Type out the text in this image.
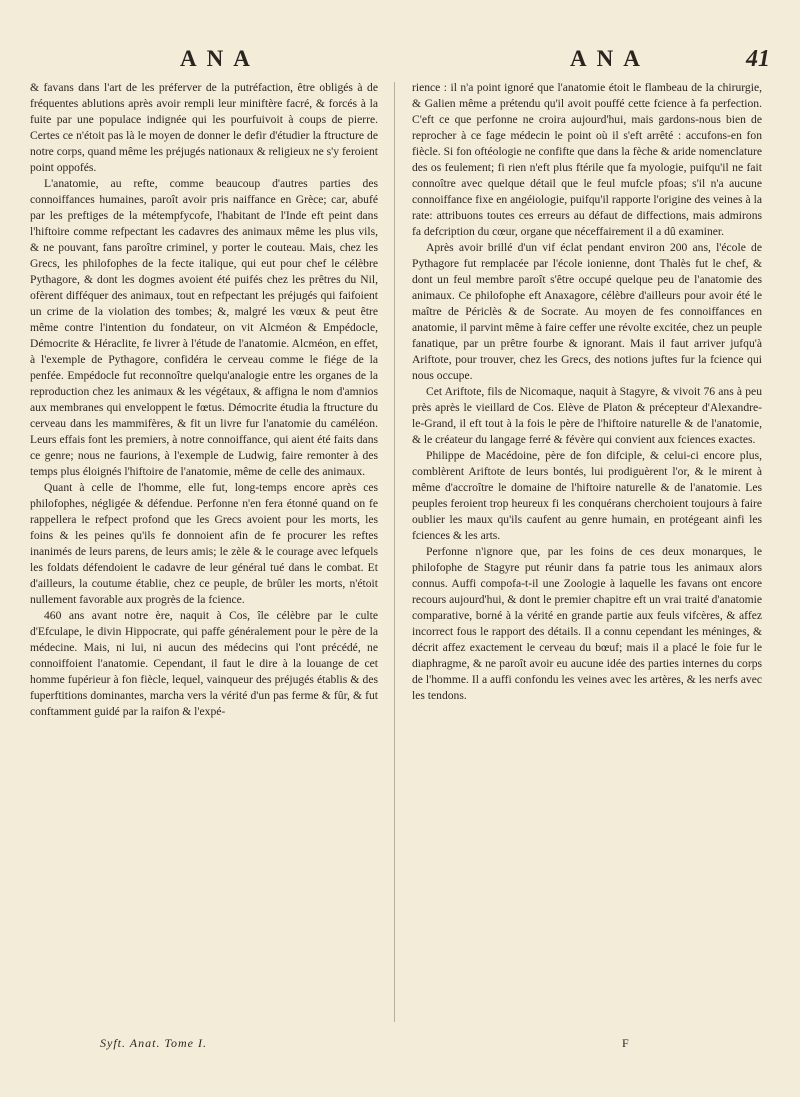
ANA	ANA	41

& favans dans l'art de les préferver de la putréfaction, être obligés à de fréquentes ablutions après avoir rempli leur miniftère facré, & forcés à la fuite par une populace indignée qui les pourfuivoit à coups de pierre. Certes ce n'étoit pas là le moyen de donner le defir d'étudier la ftructure de notre corps, quand même les préjugés nationaux & religieux ne s'y feroient point oppofés.

L'anatomie, au refte, comme beaucoup d'autres parties des connoiffances humaines, paroît avoir pris naiffance en Grèce; car, abufé par les preftiges de la métempfycofe, l'habitant de l'Inde eft peint dans l'hiftoire comme refpectant les cadavres des animaux même les plus vils, & ne pouvant, fans paroître criminel, y porter le couteau. Mais, chez les Grecs, les philofophes de la fecte italique, qui eut pour chef le célèbre Pythagore, & dont les dogmes avoient été puifés chez les prêtres du Nil, ofèrent difféquer des animaux, tout en refpectant les préjugés qui faifoient un crime de la violation des tombes; &, malgré les vœux & peut être même contre l'intention du fondateur, on vit Alcméon & Empédocle, Démocrite & Héraclite, fe livrer à l'étude de l'anatomie. Alcméon, en effet, à l'exemple de Pythagore, confidéra le cerveau comme le fiége de la penfée. Empédocle fut reconnoître quelqu'analogie entre les organes de la reproduction chez les animaux & les végétaux, & affigna le nom d'amnios aux membranes qui enveloppent le fœtus. Démocrite étudia la ftructure du cerveau dans les mammifères, & fit un livre fur l'anatomie du caméléon. Leurs effais font les premiers, à notre connoiffance, qui aient été faits dans ce genre; nous ne faurions, à l'exemple de Ludwig, faire remonter à des temps plus éloignés l'hiftoire de l'anatomie, même de celle des animaux.

Quant à celle de l'homme, elle fut, long-temps encore après ces philofophes, négligée & défendue. Perfonne n'en fera étonné quand on fe rappellera le refpect profond que les Grecs avoient pour les morts, les foins & les peines qu'ils fe donnoient afin de fe procurer les reftes inanimés de leurs parens, de leurs amis; le zèle & le courage avec lefquels les foldats défendoient le cadavre de leur général tué dans le combat. Et d'ailleurs, la coutume établie, chez ce peuple, de brûler les morts, n'étoit nullement favorable aux progrès de la fcience.

460 ans avant notre ère, naquit à Cos, île célèbre par le culte d'Efculape, le divin Hippocrate, qui paffe généralement pour le père de la médecine. Mais, ni lui, ni aucun des médecins qui l'ont précédé, ne connoiffoient l'anatomie. Cependant, il faut le dire à la louange de cet homme fupérieur à fon fiècle, lequel, vainqueur des préjugés établis & des fuperftitions dominantes, marcha vers la vérité d'un pas ferme & fûr, & fut conftamment guidé par la raifon & l'expé-

rience : il n'a point ignoré que l'anatomie étoit le flambeau de la chirurgie, & Galien même a prétendu qu'il avoit pouffé cette fcience à fa perfection. C'eft ce que perfonne ne croira aujourd'hui, mais gardons-nous bien de reprocher à ce fage médecin le point où il s'eft arrêté : accufons-en fon fiècle. Si fon oftéologie ne confifte que dans la fèche & aride nomenclature des os feulement; fi rien n'eft plus ftérile que fa myologie, puifqu'il ne fait connoître avec quelque détail que le feul mufcle pfoas; s'il n'a aucune connoiffance fixe en angéiologie, puifqu'il rapporte l'origine des veines à la rate: attribuons toutes ces erreurs au défaut de diffections, mais admirons fa defcription du cœur, organe que néceffairement il a dû examiner.

Après avoir brillé d'un vif éclat pendant environ 200 ans, l'école de Pythagore fut remplacée par l'école ionienne, dont Thalès fut le chef, & dont un feul membre paroît s'être occupé quelque peu de l'anatomie des animaux. Ce philofophe eft Anaxagore, célèbre d'ailleurs pour avoir été le maître de Périclès & de Socrate. Au moyen de fes connoiffances en anatomie, il parvint même à faire ceffer une révolte excitée, chez un peuple fanatique, par un prêtre fourbe & ignorant. Mais il faut arriver jufqu'à Ariftote, pour trouver, chez les Grecs, des notions juftes fur la fcience qui nous occupe.

Cet Ariftote, fils de Nicomaque, naquit à Stagyre, & vivoit 76 ans à peu près après le vieillard de Cos. Elève de Platon & précepteur d'Alexandre-le-Grand, il eft tout à la fois le père de l'hiftoire naturelle & de l'anatomie, & le créateur du langage ferré & févère qui convient aux fciences exactes.

Philippe de Macédoine, père de fon difciple, & celui-ci encore plus, comblèrent Ariftote de leurs bontés, lui prodiguèrent l'or, & le mirent à même d'accroître le domaine de l'hiftoire naturelle & de l'anatomie. Les peuples feroient trop heureux fi les conquérans cherchoient toujours à faire oublier les maux qu'ils caufent au genre humain, en protégeant ainfi les fciences & les arts.

Perfonne n'ignore que, par les foins de ces deux monarques, le philofophe de Stagyre put réunir dans fa patrie tous les animaux alors connus. Auffi compofa-t-il une Zoologie à laquelle les favans ont encore recours aujourd'hui, & dont le premier chapitre eft un vrai traité d'anatomie comparative, borné à la vérité en grande partie aux feuls vifcères, & affez incorrect fous le rapport des détails. Il a connu cependant les méninges, & décrit affez exactement le cerveau du bœuf; mais il a placé le foie fur le diaphragme, & ne paroît avoir eu aucune idée des parties internes du corps de l'homme. Il a auffi confondu les veines avec les artères, & les nerfs avec les tendons.

Syft. Anat. Tome I.	F
